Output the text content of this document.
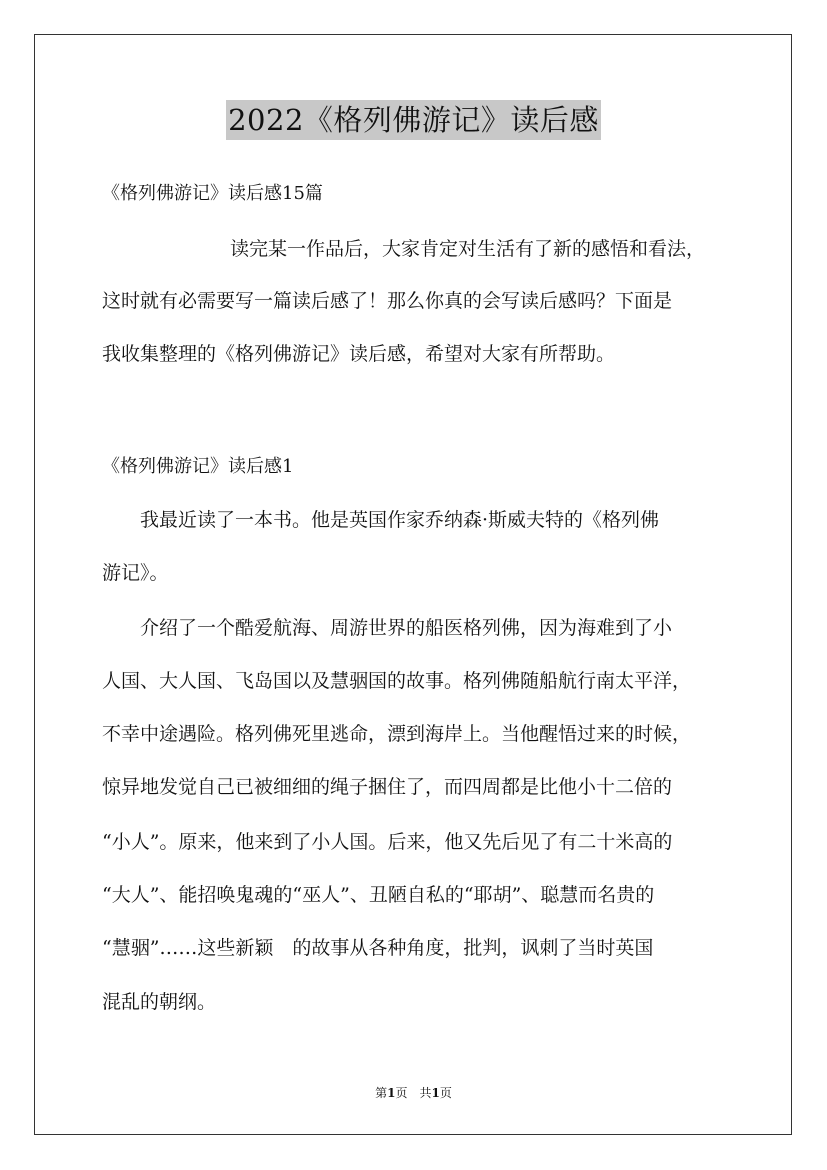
2022《格列佛游记》读后感
《格列佛游记》读后感15篇
读完某一作品后，大家肯定对生活有了新的感悟和看法，
这时就有必需要写一篇读后感了！那么你真的会写读后感吗？下面是
我收集整理的《格列佛游记》读后感，希望对大家有所帮助。
《格列佛游记》读后感1
我最近读了一本书。他是英国作家乔纳森·斯威夫特的《格列佛
游记》。
介绍了一个酷爱航海、周游世界的船医格列佛，因为海难到了小
人国、大人国、飞岛国以及慧骃国的故事。格列佛随船航行南太平洋，
不幸中途遇险。格列佛死里逃命，漂到海岸上。当他醒悟过来的时候，
惊异地发觉自己已被细细的绳子捆住了，而四周都是比他小十二倍的
“小人”。原来，他来到了小人国。后来，他又先后见了有二十米高的
“大人”、能招唤鬼魂的“巫人”、丑陋自私的“耶胡”、聪慧而名贵的
“慧骃”……这些新颖　的故事从各种角度，批判，讽刺了当时英国
混乱的朝纲。
第1页　共1页
